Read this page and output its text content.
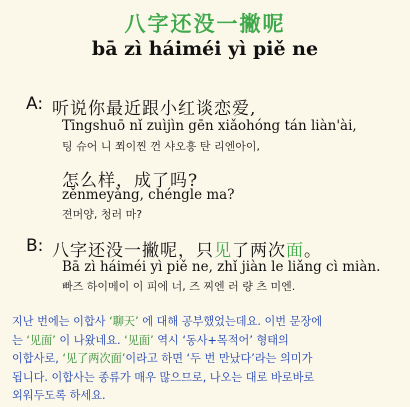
八字还没一撇呢
bā zì háiméi yì piě ne
A: 听说你最近跟小红谈恋爱,
Tīngshuō nǐ zuìjìn gēn xiǎohóng tán liàn'ài,
팅 슈어 니 쬐이찐 껀 샤오훙 탄 리엔아이,
怎么样，成了吗?
zěnmeyàng, chéngle ma?
젼머양, 청러 마?
B: 八字还没一撇呢，只见了两次面。
Bā zì háiméi yì piě ne, zhǐ jiàn le liǎng cì miàn.
빠즈 하이메이 이 피에 너, 즈 찌엔 러 량 츠 미엔.
지난 번에는 이합사 ‘聊天’ 에 대해 공부했었는데요. 이번 문장에
는 ‘见面’ 이 나왔네요. ‘见面’ 역시 ‘동사+목적어’ 형태의
이합사로, ‘见了两次面’이라고 하면 ‘두 번 만났다’라는 의미가
됩니다. 이합사는 종류가 매우 많으므로, 나오는 대로 바로바로
외워두도록 하세요.
